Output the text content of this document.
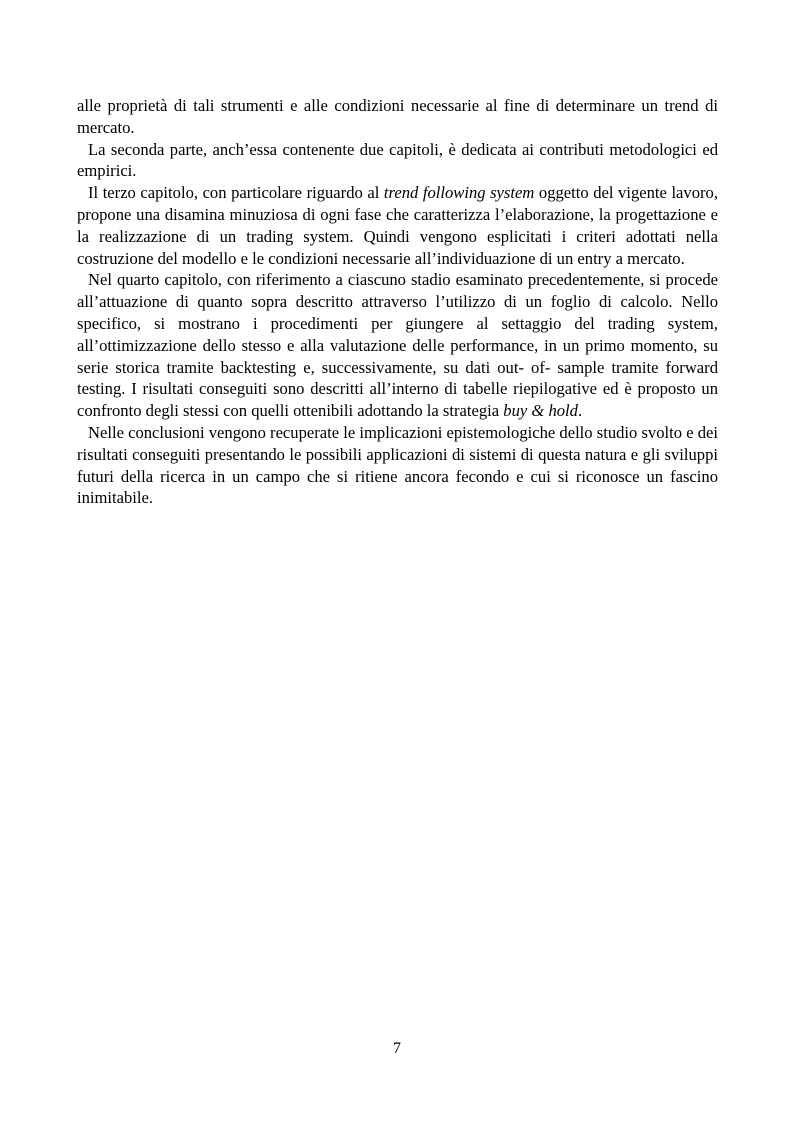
alle proprietà di tali strumenti e alle condizioni necessarie al fine di determinare un trend di mercato.

La seconda parte, anch’essa contenente due capitoli, è dedicata ai contributi metodologici ed empirici.

Il terzo capitolo, con particolare riguardo al trend following system oggetto del vigente lavoro, propone una disamina minuziosa di ogni fase che caratterizza l’elaborazione, la progettazione e la realizzazione di un trading system. Quindi vengono esplicitati i criteri adottati nella costruzione del modello e le condizioni necessarie all’individuazione di un entry a mercato.

Nel quarto capitolo, con riferimento a ciascuno stadio esaminato precedentemente, si procede all’attuazione di quanto sopra descritto attraverso l’utilizzo di un foglio di calcolo. Nello specifico, si mostrano i procedimenti per giungere al settaggio del trading system, all’ottimizzazione dello stesso e alla valutazione delle performance, in un primo momento, su serie storica tramite backtesting e, successivamente, su dati out- of- sample tramite forward testing. I risultati conseguiti sono descritti all’interno di tabelle riepilogative ed è proposto un confronto degli stessi con quelli ottenibili adottando la strategia buy & hold.

Nelle conclusioni vengono recuperate le implicazioni epistemologiche dello studio svolto e dei risultati conseguiti presentando le possibili applicazioni di sistemi di questa natura e gli sviluppi futuri della ricerca in un campo che si ritiene ancora fecondo e cui si riconosce un fascino inimitabile.

7
